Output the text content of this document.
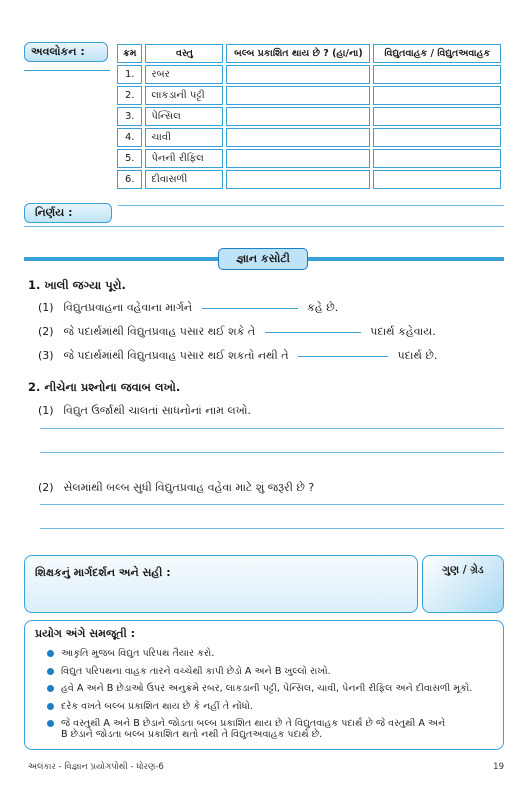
અવલોકન :	ક્રમ	વસ્તુ	બલ્બ પ્રકાશિત થાય છે ? (હા/ના)	વિદ્યુતવાહક / વિદ્યુતઅવાહક
1.	રબર		
2.	લાકડાની પટ્ટી		
3.	પેન્સિલ		
4.	ચાવી		
5.	પેનની રીફિલ		
6.	દીવાસળી		
નિર્ણય :
જ્ઞાન કસોટી
1. ખાલી જગ્યા પૂરો.
(1) વિદ્યુતપ્રવાહના વહેવાના માર્ગને	કહે છે.
(2) જે પદાર્થમાંથી વિદ્યુતપ્રવાહ પસાર થઈ શકે તે	પદાર્થ કહેવાય.
(3) જે પદાર્થમાંથી વિદ્યુતપ્રવાહ પસાર થઈ શકતો નથી તે	પદાર્થ છે.
2. નીચેના પ્રશ્નોના જવાબ લખો.
(1) વિદ્યુત ઉર્જાથી ચાલતાં સાધનોનાં નામ લખો.
(2) સેલમાંથી બલ્બ સુધી વિદ્યુતપ્રવાહ વહેવા માટે શું જરૂરી છે ?
શિક્ષકનું માર્ગદર્શન અને સહી :	ગુણ / ગ્રેડ
પ્રયોગ અંગે સમજૂતી :
આકૃતિ મુજબ વિદ્યુત પરિપથ તૈયાર કરો.
વિદ્યુત પરિપથના વાહક તારને વચ્ચેથી કાપી છેડો A અને B ખુલ્લો રાખો.
હવે A અને B છેડાઓ ઉપર અનુક્રમે રબર, લાકડાની પટ્ટી, પેન્સિલ, ચાવી, પેનની રીફિલ અને દીવાસળી મૂકો.
દરેક વખતે બલ્બ પ્રકાશિત થાય છે કે નહીં તે નોંધો.
જે વસ્તુથી A અને B છેડાને જોડતા બલ્બ પ્રકાશિત થાય છે તે વિદ્યુતવાહક પદાર્થ છે જે વસ્તુથી A અને
B છેડાને જોડતા બલ્બ પ્રકાશિત થતો નથી તે વિદ્યુતઅવાહક પદાર્થ છે.
અલંકાર - વિજ્ઞાન પ્રયોગપોથી - ધોરણ-6	19
